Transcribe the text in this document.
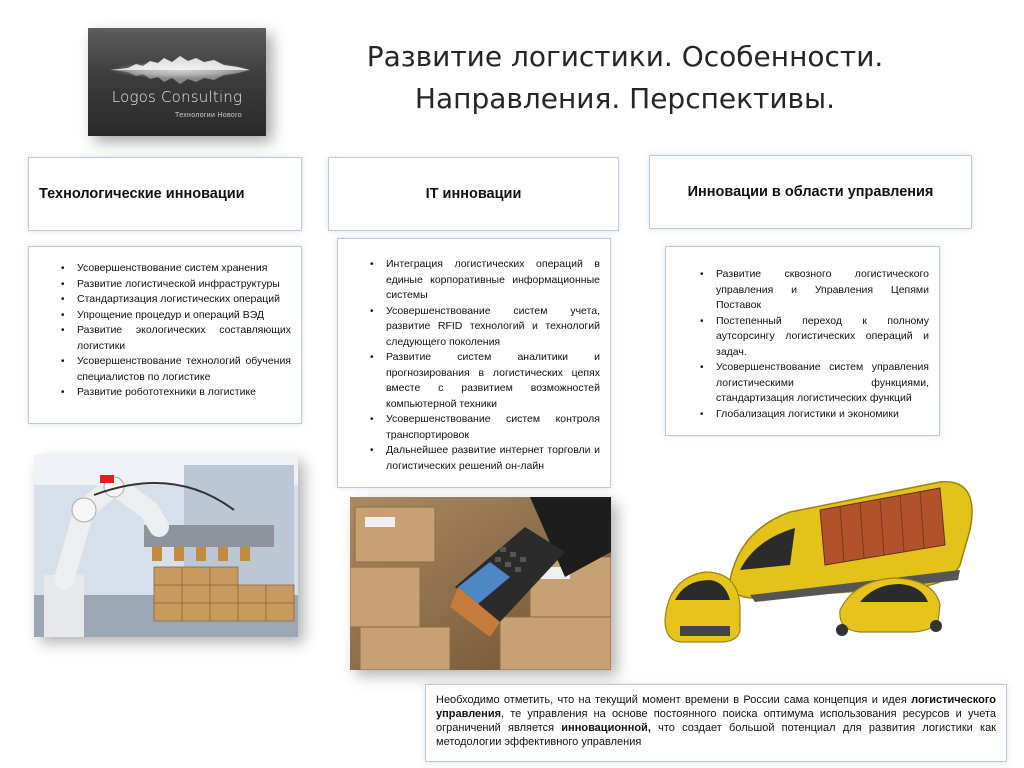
Logos Consulting
Технологии Нового
Развитие логистики. Особенности.
Направления. Перспективы.
Технологические инновации	IT инновации	Инновации в области управления
• Усовершенствование систем хранения
• Развитие логистической инфраструктуры
• Стандартизация логистических операций
• Упрощение процедур и операций ВЭД
• Развитие экологических составляющих логистики
• Усовершенствование технологий обучения специалистов по логистике
• Развитие робототехники в логистике
• Интеграция логистических операций в единые корпоративные информационные системы
• Усовершенствование систем учета, развитие RFID технологий и технологий следующего поколения
• Развитие систем аналитики и прогнозирования в логистических цепях вместе с развитием возможностей компьютерной техники
• Усовершенствование систем контроля транспортировок
• Дальнейшее развитие интернет торговли и логистических решений он-лайн
• Развитие сквозного логистического управления и Управления Цепями Поставок
• Постепенный переход к полному аутсорсингу логистических операций и задач.
• Усовершенствование систем управления логистическими функциями, стандартизация логистических функций
• Глобализация логистики и экономики
Необходимо отметить, что на текущий момент времени в России сама концепция и идея логистического управления, те управления на основе постоянного поиска оптимума использования ресурсов и учета ограничений является инновационной, что создает большой потенциал для развития логистики как методологии эффективного управления
